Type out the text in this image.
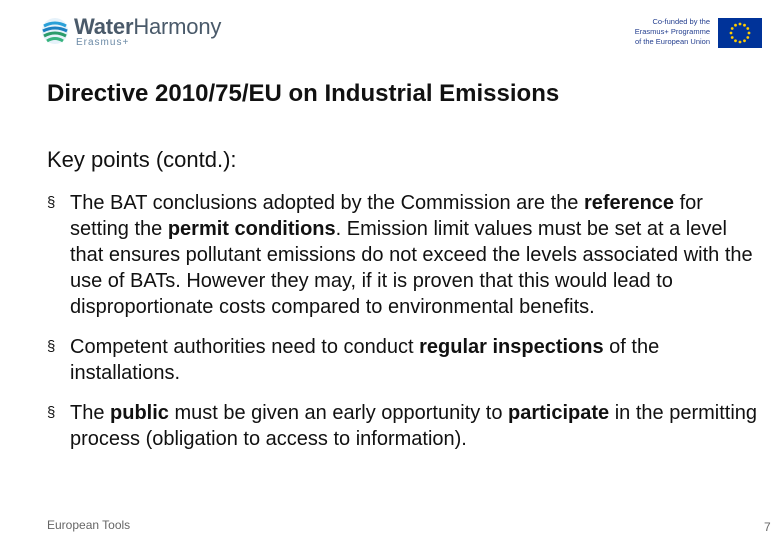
WaterHarmony
Erasmus+
Co-funded by the
Erasmus+ Programme
of the European Union
Directive 2010/75/EU on Industrial Emissions
Key points (contd.):
§ The BAT conclusions adopted by the Commission are the reference for setting the permit conditions. Emission limit values must be set at a level that ensures pollutant emissions do not exceed the levels associated with the use of BATs. However they may, if it is proven that this would lead to disproportionate costs compared to environmental benefits.
§ Competent authorities need to conduct regular inspections of the installations.
§ The public must be given an early opportunity to participate in the permitting process (obligation to access to information).
European Tools	7
